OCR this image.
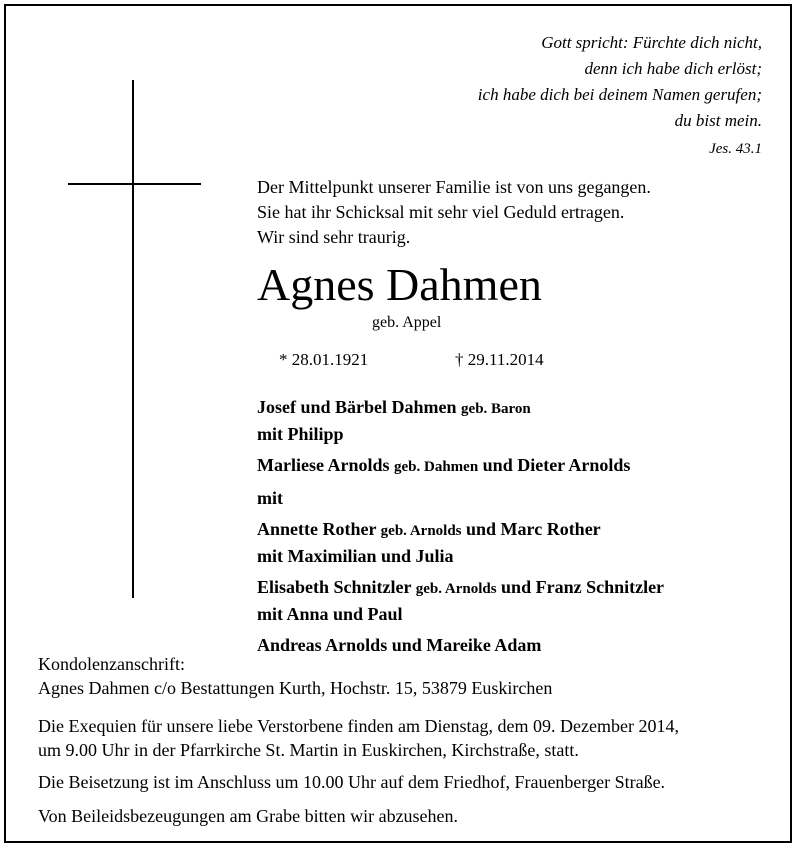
Gott spricht: Fürchte dich nicht,
denn ich habe dich erlöst;
ich habe dich bei deinem Namen gerufen;
du bist mein.
Jes. 43.1
Der Mittelpunkt unserer Familie ist von uns gegangen.
Sie hat ihr Schicksal mit sehr viel Geduld ertragen.
Wir sind sehr traurig.
Agnes Dahmen
geb. Appel
* 28.01.1921	† 29.11.2014
Josef und Bärbel Dahmen geb. Baron
mit Philipp
Marliese Arnolds geb. Dahmen und Dieter Arnolds
mit
Annette Rother geb. Arnolds und Marc Rother
mit Maximilian und Julia
Elisabeth Schnitzler geb. Arnolds und Franz Schnitzler
mit Anna und Paul
Andreas Arnolds und Mareike Adam
Kondolenzanschrift:
Agnes Dahmen c/o Bestattungen Kurth, Hochstr. 15, 53879 Euskirchen
Die Exequien für unsere liebe Verstorbene finden am Dienstag, dem 09. Dezember 2014,
um 9.00 Uhr in der Pfarrkirche St. Martin in Euskirchen, Kirchstraße, statt.
Die Beisetzung ist im Anschluss um 10.00 Uhr auf dem Friedhof, Frauenberger Straße.
Von Beileidsbezeugungen am Grabe bitten wir abzusehen.
